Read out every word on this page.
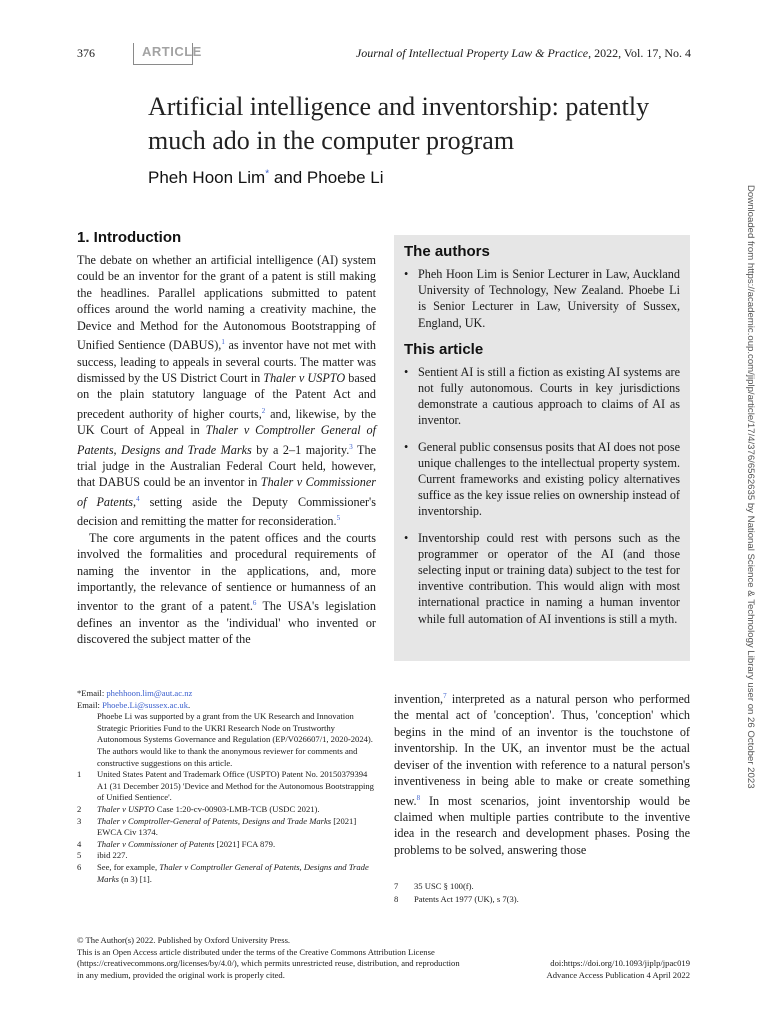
376	ARTICLE	Journal of Intellectual Property Law & Practice, 2022, Vol. 17, No. 4
Artificial intelligence and inventorship: patently much ado in the computer program
Pheh Hoon Lim* and Phoebe Li
Downloaded from https://academic.oup.com/jiplp/article/17/4/376/6562635 by National Science & Technology Library user on 26 October 2023
1. Introduction

The debate on whether an artificial intelligence (AI) system could be an inventor for the grant of a patent is still making the headlines. Parallel applications submitted to patent offices around the world naming a creativity machine, the Device and Method for the Autonomous Bootstrapping of Unified Sentience (DABUS),$^1$ as inventor have not met with success, leading to appeals in several courts. The matter was dismissed by the US District Court in Thaler v USPTO based on the plain statutory language of the Patent Act and precedent authority of higher courts,$^2$ and, likewise, by the UK Court of Appeal in Thaler v Comptroller General of Patents, Designs and Trade Marks by a 2–1 majority.$^3$ The trial judge in the Australian Federal Court held, however, that DABUS could be an inventor in Thaler v Commissioner of Patents,$^4$ setting aside the Deputy Commissioner's decision and remitting the matter for reconsideration.$^5$

The core arguments in the patent offices and the courts involved the formalities and procedural requirements of naming the inventor in the applications, and, more importantly, the relevance of sentience or humanness of an inventor to the grant of a patent.$^6$ The USA's legislation defines an inventor as the 'individual' who invented or discovered the subject matter of the

The authors
• Pheh Hoon Lim is Senior Lecturer in Law, Auckland University of Technology, New Zealand. Phoebe Li is Senior Lecturer in Law, University of Sussex, England, UK.
This article
• Sentient AI is still a fiction as existing AI systems are not fully autonomous. Courts in key jurisdictions demonstrate a cautious approach to claims of AI as inventor.
• General public consensus posits that AI does not pose unique challenges to the intellectual property system. Current frameworks and existing policy alternatives suffice as the key issue relies on ownership instead of inventorship.
• Inventorship could rest with persons such as the programmer or operator of the AI (and those selecting input or training data) subject to the test for inventive contribution. This would align with most international practice in naming a human inventor while full automation of AI inventions is still a myth.

invention,$^7$ interpreted as a natural person who performed the mental act of 'conception'. Thus, 'conception' which begins in the mind of an inventor is the touchstone of inventorship. In the UK, an inventor must be the actual deviser of the invention with reference to a natural person's inventiveness in being able to make or create something new.$^8$ In most scenarios, joint inventorship would be claimed when multiple parties contribute to the inventive idea in the research and development phases. Posing the problems to be solved, answering those

*Email: phehhoon.lim@aut.ac.nz
Email: Phoebe.Li@sussex.ac.uk.
Phoebe Li was supported by a grant from the UK Research and Innovation Strategic Priorities Fund to the UKRI Research Node on Trustworthy Autonomous Systems Governance and Regulation (EP/V026607/1, 2020-2024).
The authors would like to thank the anonymous reviewer for comments and constructive suggestions on this article.
1	United States Patent and Trademark Office (USPTO) Patent No. 20150379394 A1 (31 December 2015) 'Device and Method for the Autonomous Bootstrapping of Unified Sentience'.
2	Thaler v USPTO Case 1:20-cv-00903-LMB-TCB (USDC 2021).
3	Thaler v Comptroller-General of Patents, Designs and Trade Marks [2021] EWCA Civ 1374.
4	Thaler v Commissioner of Patents [2021] FCA 879.
5	ibid 227.
6	See, for example, Thaler v Comptroller General of Patents, Designs and Trade Marks (n 3) [1].
7	35 USC § 100(f).
8	Patents Act 1977 (UK), s 7(3).
© The Author(s) 2022. Published by Oxford University Press.
This is an Open Access article distributed under the terms of the Creative Commons Attribution License
(https://creativecommons.org/licenses/by/4.0/), which permits unrestricted reuse, distribution, and reproduction
in any medium, provided the original work is properly cited.
doi:https://doi.org/10.1093/jiplp/jpac019
Advance Access Publication 4 April 2022
